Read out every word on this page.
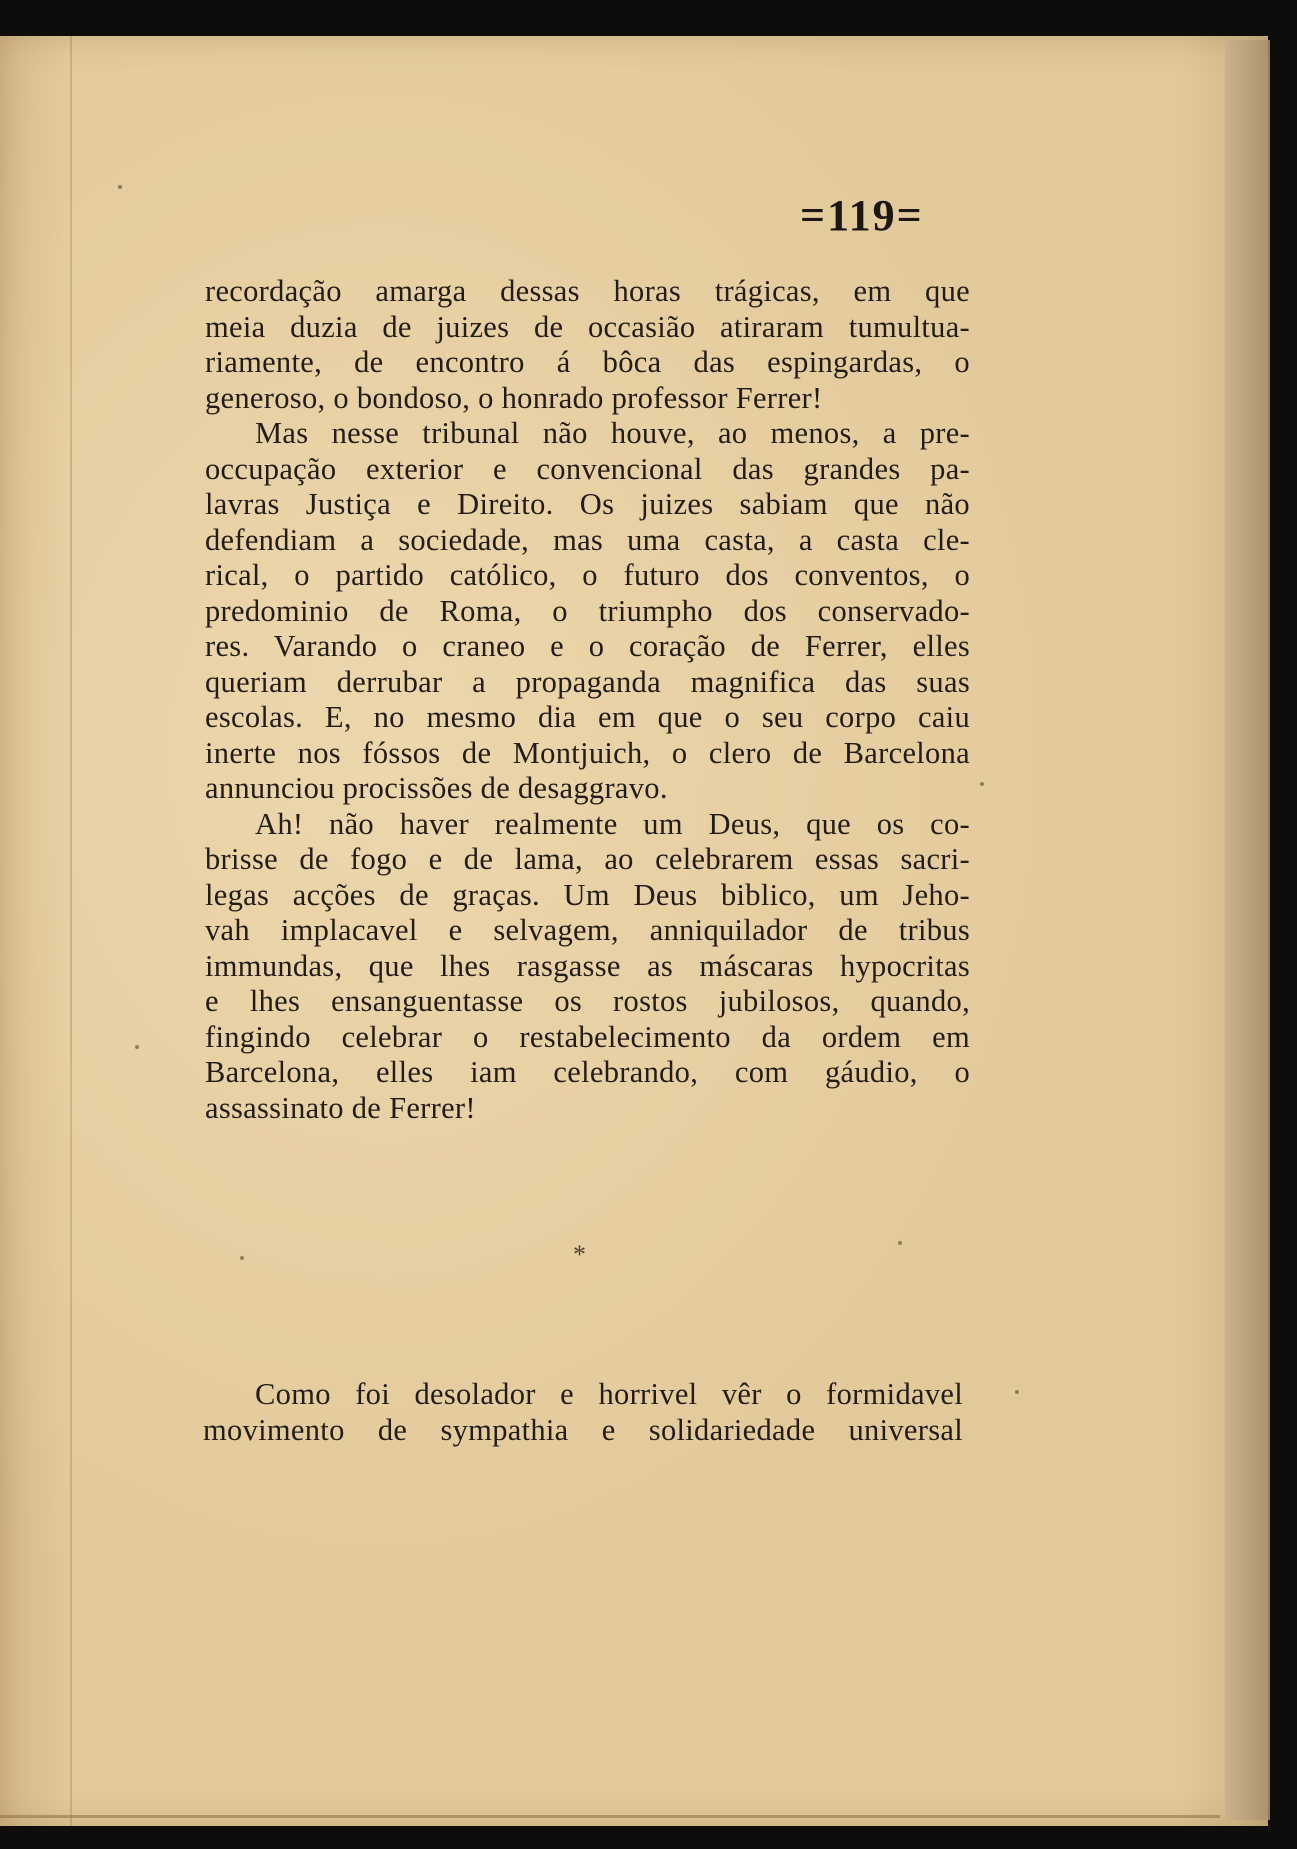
=119=
recordação amarga dessas horas trágicas, em que
meia duzia de juizes de occasião atiraram tumultua-
riamente, de encontro á bôca das espingardas, o
generoso, o bondoso, o honrado professor Ferrer!
Mas nesse tribunal não houve, ao menos, a pre-
occupação exterior e convencional das grandes pa-
lavras Justiça e Direito. Os juizes sabiam que não
defendiam a sociedade, mas uma casta, a casta cle-
rical, o partido católico, o futuro dos conventos, o
predominio de Roma, o triumpho dos conservado-
res. Varando o craneo e o coração de Ferrer, elles
queriam derrubar a propaganda magnifica das suas
escolas. E, no mesmo dia em que o seu corpo caiu
inerte nos fóssos de Montjuich, o clero de Barcelona
annunciou procissões de desaggravo.
Ah! não haver realmente um Deus, que os co-
brisse de fogo e de lama, ao celebrarem essas sacri-
legas acções de graças. Um Deus biblico, um Jeho-
vah implacavel e selvagem, anniquilador de tribus
immundas, que lhes rasgasse as máscaras hypocritas
e lhes ensanguentasse os rostos jubilosos, quando,
fingindo celebrar o restabelecimento da ordem em
Barcelona, elles iam celebrando, com gáudio, o
assassinato de Ferrer!
*
Como foi desolador e horrivel vêr o formidavel
movimento de sympathia e solidariedade universal
